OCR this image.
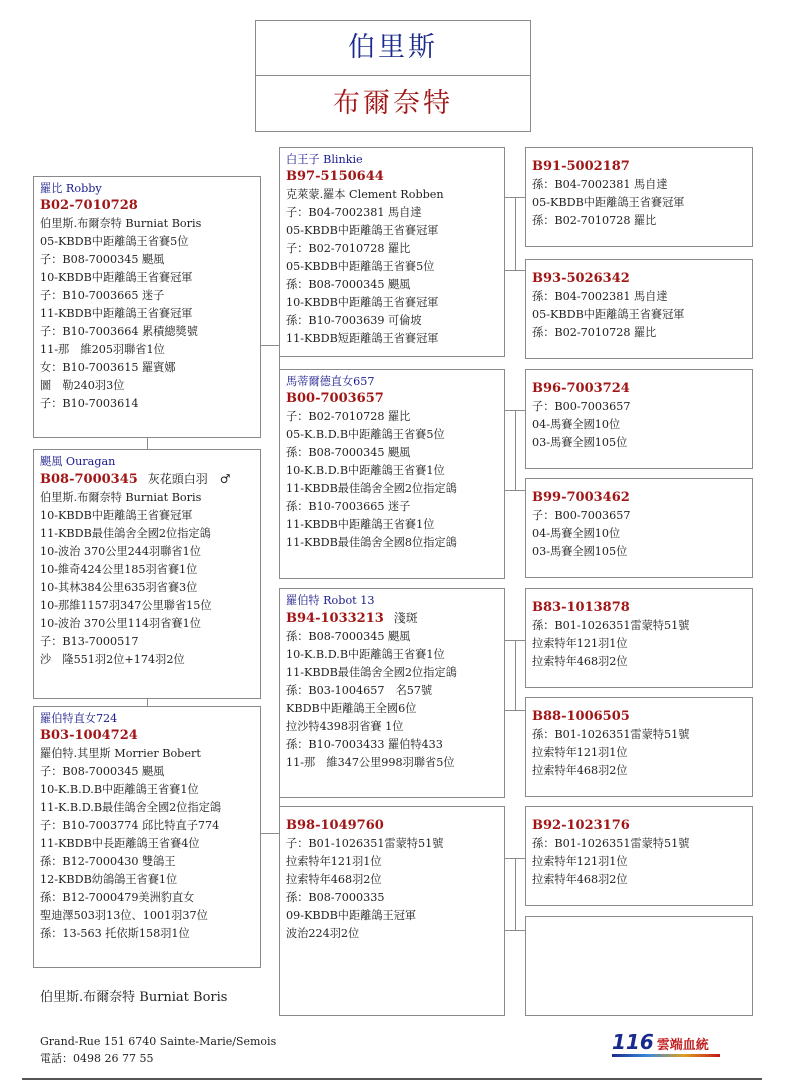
伯里斯
布爾奈特
羅比 Robby
B02-7010728
伯里斯.布爾奈特 Burniat Boris
05-KBDB中距離鴿王省賽5位
子：B08-7000345 颶風
10-KBDB中距離鴿王省賽冠軍
子：B10-7003665 迷子
11-KBDB中距離鴿王省賽冠軍
子：B10-7003664 累積總獎號
11-那　維205羽聯省1位
女：B10-7003615 羅賓娜
圖　勒240羽3位
子：B10-7003614
颶風 Ouragan
B08-7000345 灰花頭白羽　♂
伯里斯.布爾奈特 Burniat Boris
10-KBDB中距離鴿王省賽冠軍
11-KBDB最佳鴿舍全國2位指定鴿
10-波治 370公里244羽聯省1位
10-維奇424公里185羽省賽1位
10-其林384公里635羽省賽3位
10-那維1157羽347公里聯省15位
10-波治 370公里114羽省賽1位
子：B13-7000517
沙　隆551羽2位+174羽2位
羅伯特直女724
B03-1004724
羅伯特.其里斯 Morrier Bobert
子：B08-7000345 颶風
10-K.B.D.B中距離鴿王省賽1位
11-K.B.D.B最佳鴿舍全國2位指定鴿
子：B10-7003774 邱比特直子774
11-KBDB中長距離鴿王省賽4位
孫：B12-7000430 雙鴿王
12-KBDB幼鴿鴿王省賽1位
孫：B12-7000479美洲豹直女
聖迪澤503羽13位、1001羽37位
孫：13-563 托依斯158羽1位
白王子 Blinkie
B97-5150644
克萊蒙.羅本 Clement Robben
子：B04-7002381 馬自達
05-KBDB中距離鴿王省賽冠軍
子：B02-7010728 羅比
05-KBDB中距離鴿王省賽5位
孫：B08-7000345 颶風
10-KBDB中距離鴿王省賽冠軍
孫：B10-7003639 可倫坡
11-KBDB短距離鴿王省賽冠軍
馬蒂爾德直女657
B00-7003657
子：B02-7010728 羅比
05-K.B.D.B中距離鴿王省賽5位
孫：B08-7000345 颶風
10-K.B.D.B中距離鴿王省賽1位
11-KBDB最佳鴿舍全國2位指定鴿
孫：B10-7003665 迷子
11-KBDB中距離鴿王省賽1位
11-KBDB最佳鴿舍全國8位指定鴿
羅伯特 Robot 13
B94-1033213 淺斑
孫：B08-7000345 颶風
10-K.B.D.B中距離鴿王省賽1位
11-KBDB最佳鴿舍全國2位指定鴿
孫：B03-1004657　名57號
KBDB中距離鴿王全國6位
拉沙特4398羽省賽 1位
孫：B10-7003433 羅伯特433
11-那　維347公里998羽聯省5位
B98-1049760
子：B01-1026351雷蒙特51號
拉索特年121羽1位
拉索特年468羽2位
孫：B08-7000335
09-KBDB中距離鴿王冠軍
波治224羽2位
B91-5002187
孫：B04-7002381 馬自達
05-KBDB中距離鴿王省賽冠軍
孫：B02-7010728 羅比
B93-5026342
孫：B04-7002381 馬自達
05-KBDB中距離鴿王省賽冠軍
孫：B02-7010728 羅比
B96-7003724
子：B00-7003657
04-馬賽全國10位
03-馬賽全國105位
B99-7003462
子：B00-7003657
04-馬賽全國10位
03-馬賽全國105位
B83-1013878
孫：B01-1026351雷蒙特51號
拉索特年121羽1位
拉索特年468羽2位
B88-1006505
孫：B01-1026351雷蒙特51號
拉索特年121羽1位
拉索特年468羽2位
B92-1023176
孫：B01-1026351雷蒙特51號
拉索特年121羽1位
拉索特年468羽2位
伯里斯.布爾奈特 Burniat Boris
Grand-Rue 151 6740 Sainte-Marie/Semois
電話：0498 26 77 55
116 雲端血統
